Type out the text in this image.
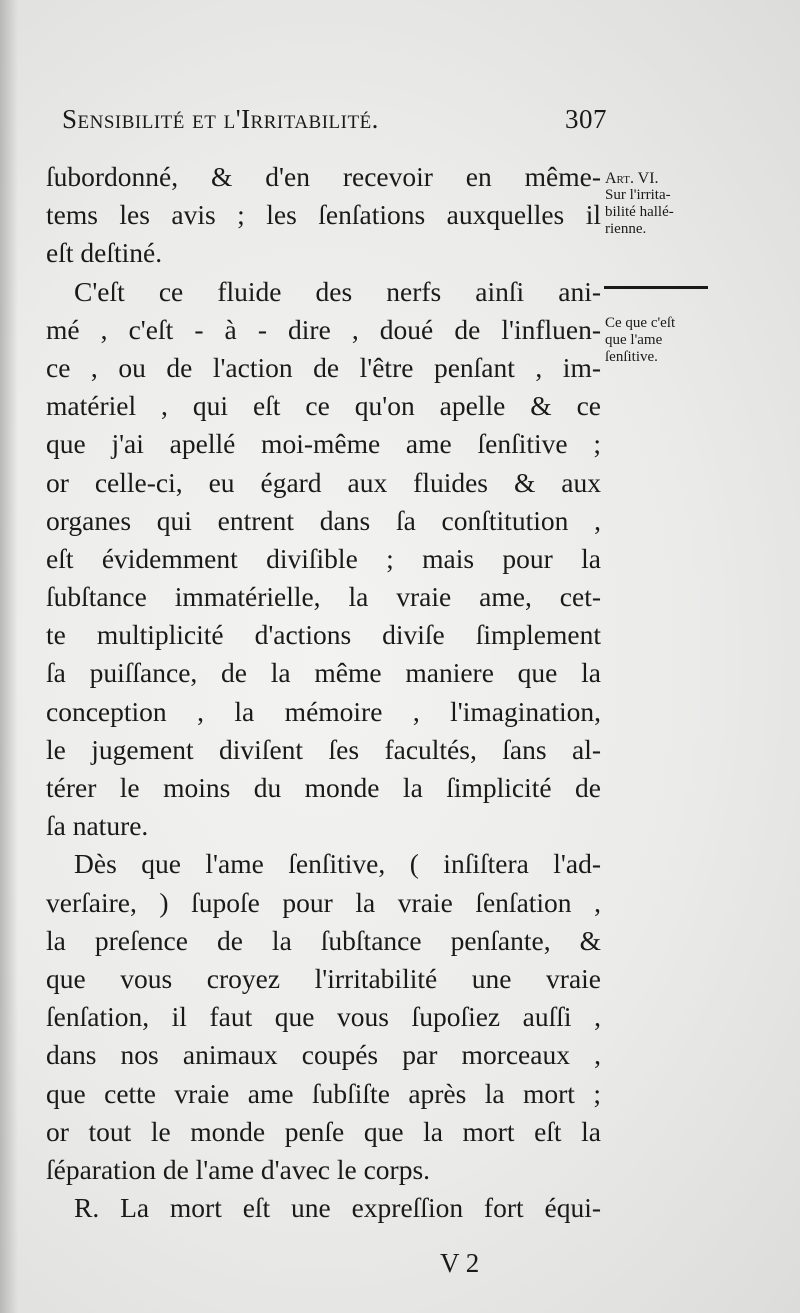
Sensibilité et l'Irritabilité.	307
ſubordonné, & d'en recevoir en même-
tems les avis ; les ſenſations auxquelles il
eſt deſtiné.
C'eſt ce fluide des nerfs ainſi ani-
mé , c'eſt - à - dire , doué de l'influen-
ce , ou de l'action de l'être penſant , im-
matériel , qui eſt ce qu'on apelle & ce
que j'ai apellé moi-même ame ſenſitive ;
or celle-ci, eu égard aux fluides & aux
organes qui entrent dans ſa conſtitution ,
eſt évidemment diviſible ; mais pour la
ſubſtance immatérielle, la vraie ame, cet-
te multiplicité d'actions diviſe ſimplement
ſa puiſſance, de la même maniere que la
conception , la mémoire , l'imagination,
le jugement diviſent ſes facultés, ſans al-
térer le moins du monde la ſimplicité de
ſa nature.
Dès que l'ame ſenſitive, ( inſiſtera l'ad-
verſaire, ) ſupoſe pour la vraie ſenſation ,
la preſence de la ſubſtance penſante, &
que vous croyez l'irritabilité une vraie
ſenſation, il faut que vous ſupoſiez auſſi ,
dans nos animaux coupés par morceaux ,
que cette vraie ame ſubſiſte après la mort ;
or tout le monde penſe que la mort eſt la
ſéparation de l'ame d'avec le corps.
R. La mort eſt une expreſſion fort équi-
Art. VI.
Sur l'irrita-
bilité hallé-
rienne.
Ce que c'eſt
que l'ame
ſenſitive.
V 2
